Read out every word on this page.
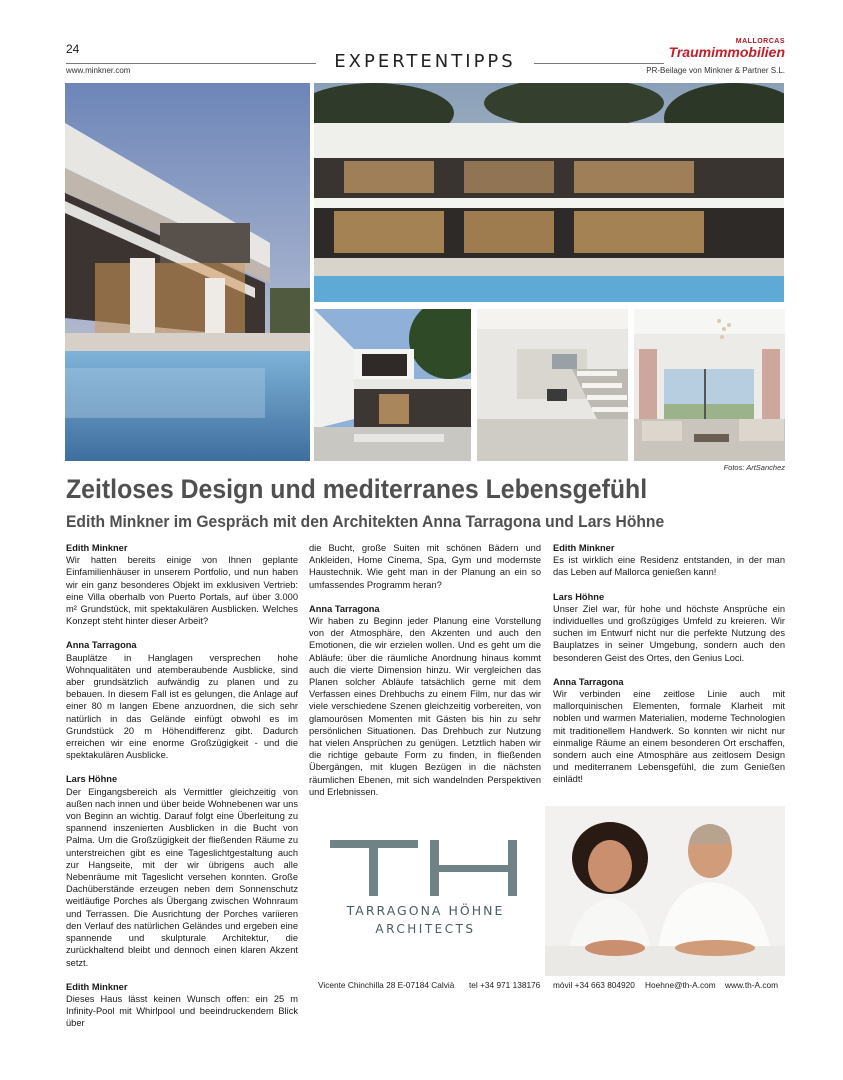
24
www.minkner.com	EXPERTENTIPPS
MALLORCAS
Traumimmobilien
PR-Beilage von Minkner & Partner S.L.
Fotos: ArtSanchez
Zeitloses Design und mediterranes Lebensgefühl
Edith Minkner im Gespräch mit den Architekten Anna Tarragona und Lars Höhne
Edith Minkner
Wir hatten bereits einige von Ihnen geplante Einfamilienhäuser in unserem Portfolio, und nun haben wir ein ganz besonderes Objekt im exklusiven Vertrieb: eine Villa oberhalb von Puerto Portals, auf über 3.000 m² Grundstück, mit spektakulären Ausblicken. Welches Konzept steht hinter dieser Arbeit?
Anna Tarragona
Bauplätze in Hanglagen versprechen hohe Wohnqualitäten und atemberaubende Ausblicke, sind aber grundsätzlich aufwändig zu planen und zu bebauen. In diesem Fall ist es gelungen, die Anlage auf einer 80 m langen Ebene anzuordnen, die sich sehr natürlich in das Gelände einfügt obwohl es im Grundstück 20 m Höhendifferenz gibt. Dadurch erreichen wir eine enorme Großzügigkeit - und die spektakulären Ausblicke.
Lars Höhne
Der Eingangsbereich als Vermittler gleichzeitig von außen nach innen und über beide Wohnebenen war uns von Beginn an wichtig. Darauf folgt eine Überleitung zu spannend inszenierten Ausblicken in die Bucht von Palma. Um die Großzügigkeit der fließenden Räume zu unterstreichen gibt es eine Tageslichtgestaltung auch zur Hangseite, mit der wir übrigens auch alle Nebenräume mit Tageslicht versehen konnten. Große Dachüberstände erzeugen neben dem Sonnenschutz weitläufige Porches als Übergang zwischen Wohnraum und Terrassen. Die Ausrichtung der Porches variieren den Verlauf des natürlichen Geländes und ergeben eine spannende und skulpturale Architektur, die zurückhaltend bleibt und dennoch einen klaren Akzent setzt.
Edith Minkner
Dieses Haus lässt keinen Wunsch offen: ein 25 m Infinity-Pool mit Whirlpool und beeindruckendem Blick über
die Bucht, große Suiten mit schönen Bädern und Ankleiden, Home Cinema, Spa, Gym und modernste Haustechnik. Wie geht man in der Planung an ein so umfassendes Programm heran?
Anna Tarragona
Wir haben zu Beginn jeder Planung eine Vorstellung von der Atmosphäre, den Akzenten und auch den Emotionen, die wir erzielen wollen. Und es geht um die Abläufe: über die räumliche Anordnung hinaus kommt auch die vierte Dimension hinzu. Wir vergleichen das Planen solcher Abläufe tatsächlich gerne mit dem Verfassen eines Drehbuchs zu einem Film, nur das wir viele verschiedene Szenen gleichzeitig vorbereiten, von glamourösen Momenten mit Gästen bis hin zu sehr persönlichen Situationen. Das Drehbuch zur Nutzung hat vielen Ansprüchen zu genügen. Letztlich haben wir die richtige gebaute Form zu finden, in fließenden Übergängen, mit klugen Bezügen in die nächsten räumlichen Ebenen, mit sich wandelnden Perspektiven und Erlebnissen.
Edith Minkner
Es ist wirklich eine Residenz entstanden, in der man das Leben auf Mallorca genießen kann!
Lars Höhne
Unser Ziel war, für hohe und höchste Ansprüche ein individuelles und großzügiges Umfeld zu kreieren. Wir suchen im Entwurf nicht nur die perfekte Nutzung des Bauplatzes in seiner Umgebung, sondern auch den besonderen Geist des Ortes, den Genius Loci.
Anna Tarragona
Wir verbinden eine zeitlose Linie auch mit mallorquinischen Elementen, formale Klarheit mit noblen und warmen Materialien, moderne Technologien mit traditionellem Handwerk. So konnten wir nicht nur einmalige Räume an einem besonderen Ort erschaffen, sondern auch eine Atmosphäre aus zeitlosem Design und mediterranem Lebensgefühl, die zum Genießen einlädt!
TARRAGONA HÖHNE
ARCHITECTS
Vicente Chinchilla 28 E-07184 Calvià tel +34 971 138176 móvil +34 663 804920 Hoehne@th-A.com www.th-A.com
